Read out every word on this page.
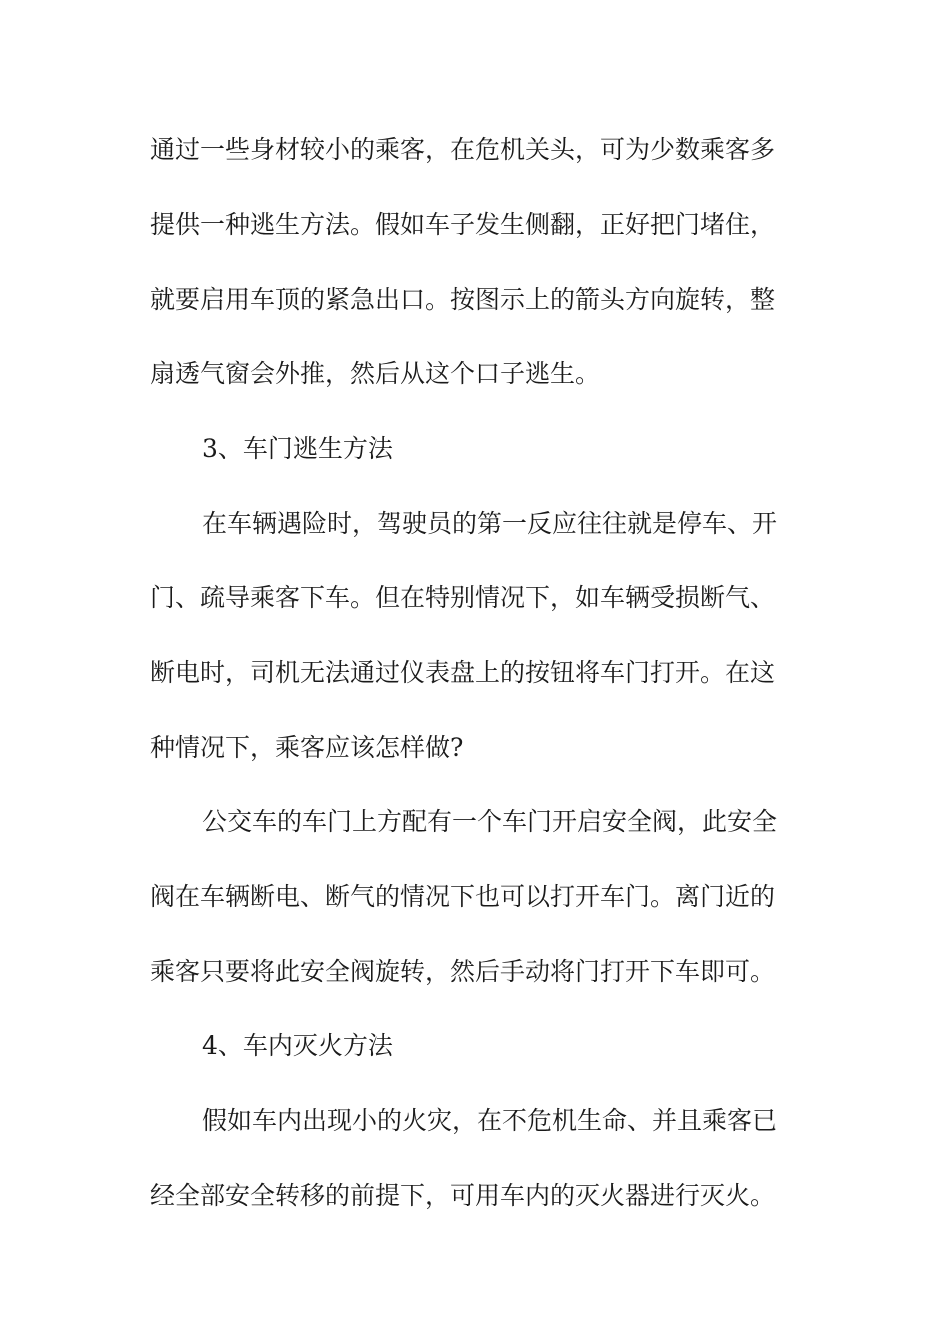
通过一些身材较小的乘客，在危机关头，可为少数乘客多
提供一种逃生方法。假如车子发生侧翻，正好把门堵住，
就要启用车顶的紧急出口。按图示上的箭头方向旋转，整
扇透气窗会外推，然后从这个口子逃生。
3、车门逃生方法
在车辆遇险时，驾驶员的第一反应往往就是停车、开
门、疏导乘客下车。但在特别情况下，如车辆受损断气、
断电时，司机无法通过仪表盘上的按钮将车门打开。在这
种情况下，乘客应该怎样做?
公交车的车门上方配有一个车门开启安全阀，此安全
阀在车辆断电、断气的情况下也可以打开车门。离门近的
乘客只要将此安全阀旋转，然后手动将门打开下车即可。
4、车内灭火方法
假如车内出现小的火灾，在不危机生命、并且乘客已
经全部安全转移的前提下，可用车内的灭火器进行灭火。
